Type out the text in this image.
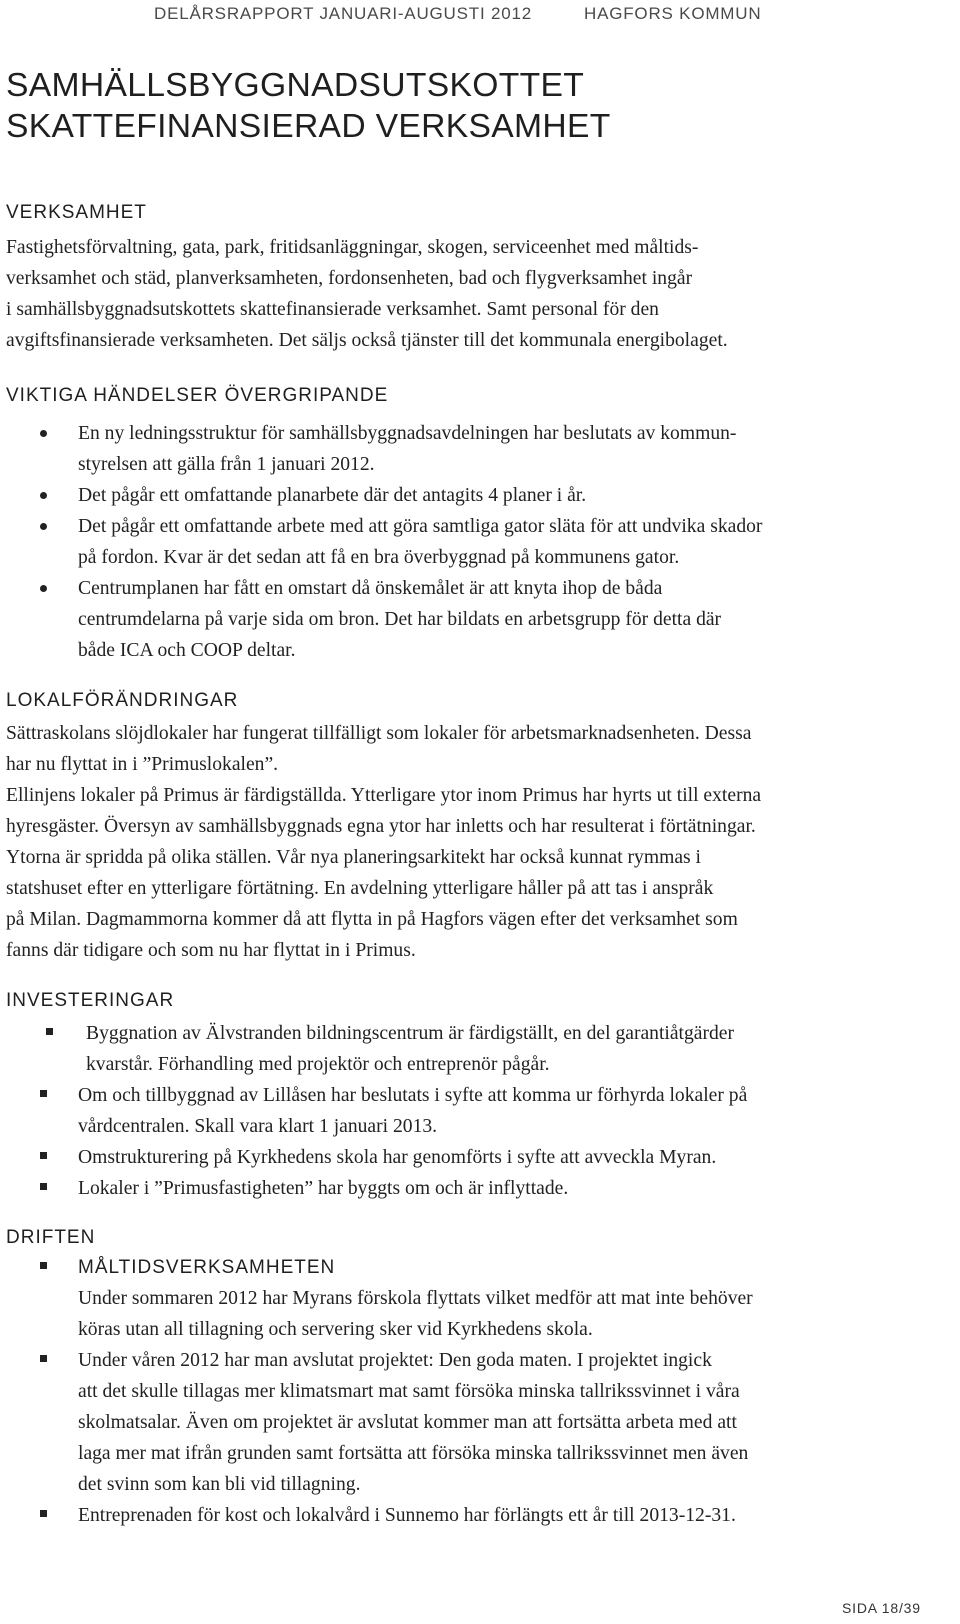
DELÅRSRAPPORT JANUARI-AUGUSTI 2012	HAGFORS KOMMUN
SAMHÄLLSBYGGNADSUTSKOTTET
SKATTEFINANSIERAD VERKSAMHET
VERKSAMHET
Fastighetsförvaltning, gata, park, fritidsanläggningar, skogen, serviceenhet med måltids-
verksamhet och städ, planverksamheten, fordonsenheten, bad och flygverksamhet ingår
i samhällsbyggnadsutskottets skattefinansierade verksamhet. Samt personal för den
avgiftsfinansierade verksamheten. Det säljs också tjänster till det kommunala energibolaget.
VIKTIGA HÄNDELSER ÖVERGRIPANDE
En ny ledningsstruktur för samhällsbyggnadsavdelningen har beslutats av kommun-
styrelsen att gälla från 1 januari 2012.
Det pågår ett omfattande planarbete där det antagits 4 planer i år.
Det pågår ett omfattande arbete med att göra samtliga gator släta för att undvika skador
på fordon. Kvar är det sedan att få en bra överbyggnad på kommunens gator.
Centrumplanen har fått en omstart då önskemålet är att knyta ihop de båda
centrumdelarna på varje sida om bron. Det har bildats en arbetsgrupp för detta där
både ICA och COOP deltar.
LOKALFÖRÄNDRINGAR
Sättraskolans slöjdlokaler har fungerat tillfälligt som lokaler för arbetsmarknadsenheten. Dessa
har nu flyttat in i ”Primuslokalen”.
Ellinjens lokaler på Primus är färdigställda. Ytterligare ytor inom Primus har hyrts ut till externa
hyresgäster. Översyn av samhällsbyggnads egna ytor har inletts och har resulterat i förtätningar.
Ytorna är spridda på olika ställen. Vår nya planeringsarkitekt har också kunnat rymmas i
statshuset efter en ytterligare förtätning. En avdelning ytterligare håller på att tas i anspråk
på Milan. Dagmammorna kommer då att flytta in på Hagfors vägen efter det verksamhet som
fanns där tidigare och som nu har flyttat in i Primus.
INVESTERINGAR
Byggnation av Älvstranden bildningscentrum är färdigställt, en del garantiåtgärder
kvarstår. Förhandling med projektör och entreprenör pågår.
Om och tillbyggnad av Lillåsen har beslutats i syfte att komma ur förhyrda lokaler på
vårdcentralen. Skall vara klart 1 januari 2013.
Omstrukturering på Kyrkhedens skola har genomförts i syfte att avveckla Myran.
Lokaler i ”Primusfastigheten” har byggts om och är inflyttade.
DRIFTEN
MÅLTIDSVERKSAMHETEN
Under sommaren 2012 har Myrans förskola flyttats vilket medför att mat inte behöver
köras utan all tillagning och servering sker vid Kyrkhedens skola.
Under våren 2012 har man avslutat projektet: Den goda maten. I projektet ingick
att det skulle tillagas mer klimatsmart mat samt försöka minska tallrikssvinnet i våra
skolmatsalar. Även om projektet är avslutat kommer man att fortsätta arbeta med att
laga mer mat ifrån grunden samt fortsätta att försöka minska tallrikssvinnet men även
det svinn som kan bli vid tillagning.
Entreprenaden för kost och lokalvård i Sunnemo har förlängts ett år till 2013-12-31.
SIDA 18/39
